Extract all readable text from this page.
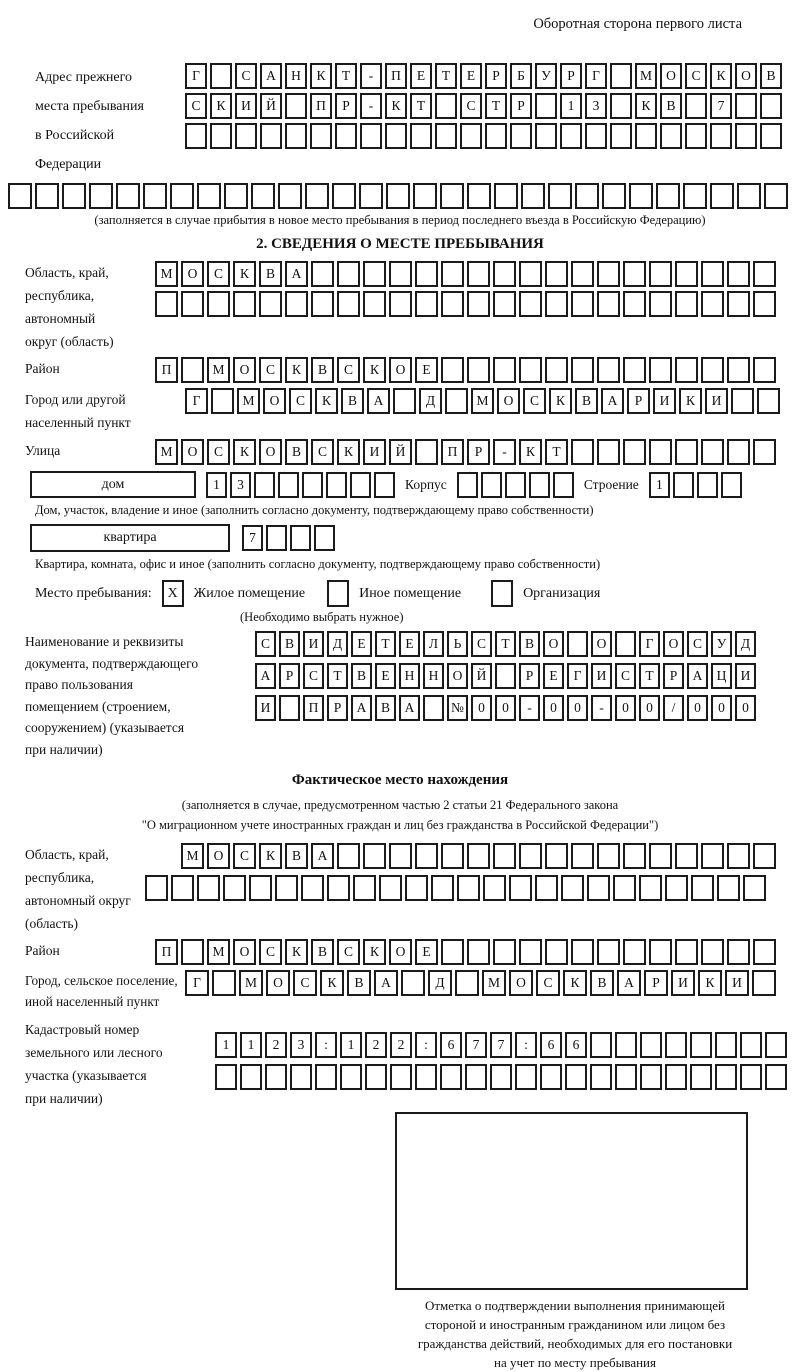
Оборотная сторона первого листа
Адрес прежнего
места пребывания
в Российской
Федерации
Г	С	А	Н	К	Т	-	П	Е	Т	Е	Р	Б	У	Р	Г	М	О	С	К	О	В
С	К	И	Й	П	Р	-	К	Т	С	Т	Р	1	3	К	В	7
(заполняется в случае прибытия в новое место пребывания в период последнего въезда в Российскую Федерацию)
2. СВЕДЕНИЯ О МЕСТЕ ПРЕБЫВАНИЯ
Область, край,
республика,
автономный
округ (область)
М	О	С	К	В	А
Район	П	М	О	С	К	В	С	К	О	Е
Город или другой
населенный пункт
Г	М	О	С	К	В	А	Д	М	О	С	К	В	А	Р	И	К	И
Улица	М	О	С	К	О	В	С	К	И	Й	П	Р	-	К	Т
дом	1	3	Корпус	Строение	1
Дом, участок, владение и иное (заполнить согласно документу, подтверждающему право собственности)
квартира	7
Квартира, комната, офис и иное (заполнить согласно документу, подтверждающему право собственности)
Место пребывания:	X	Жилое помещение	Иное помещение	Организация
(Необходимо выбрать нужное)
Наименование и реквизиты
документа, подтверждающего
право пользования
помещением (строением,
сооружением) (указывается
при наличии)
С	В	И	Д	Е	Т	Е	Л	Ь	С	Т	В	О	О	Г	О	С	У	Д
А	Р	С	Т	В	Е	Н	Н	О	Й	Р	Е	Г	И	С	Т	Р	А	Ц	И
И	П	Р	А	В	А	№	0	0	-	0	0	-	0	0	/	0	0	0
Фактическое место нахождения
(заполняется в случае, предусмотренном частью 2 статьи 21 Федерального закона
"О миграционном учете иностранных граждан и лиц без гражданства в Российской Федерации")
Область, край,
республика,
автономный округ
(область)
М	О	С	К	В	А
Район	П	М	О	С	К	В	С	К	О	Е
Город, сельское поселение,
иной населенный пункт
Г	М	О	С	К	В	А	Д	М	О	С	К	В	А	Р	И	К	И
Кадастровый номер
земельного или лесного
участка (указывается
при наличии)
1	1	2	3	:	1	2	2	:	6	7	7	:	6	6
Отметка о подтверждении выполнения принимающей
стороной и иностранным гражданином или лицом без
гражданства действий, необходимых для его постановки
на учет по месту пребывания
